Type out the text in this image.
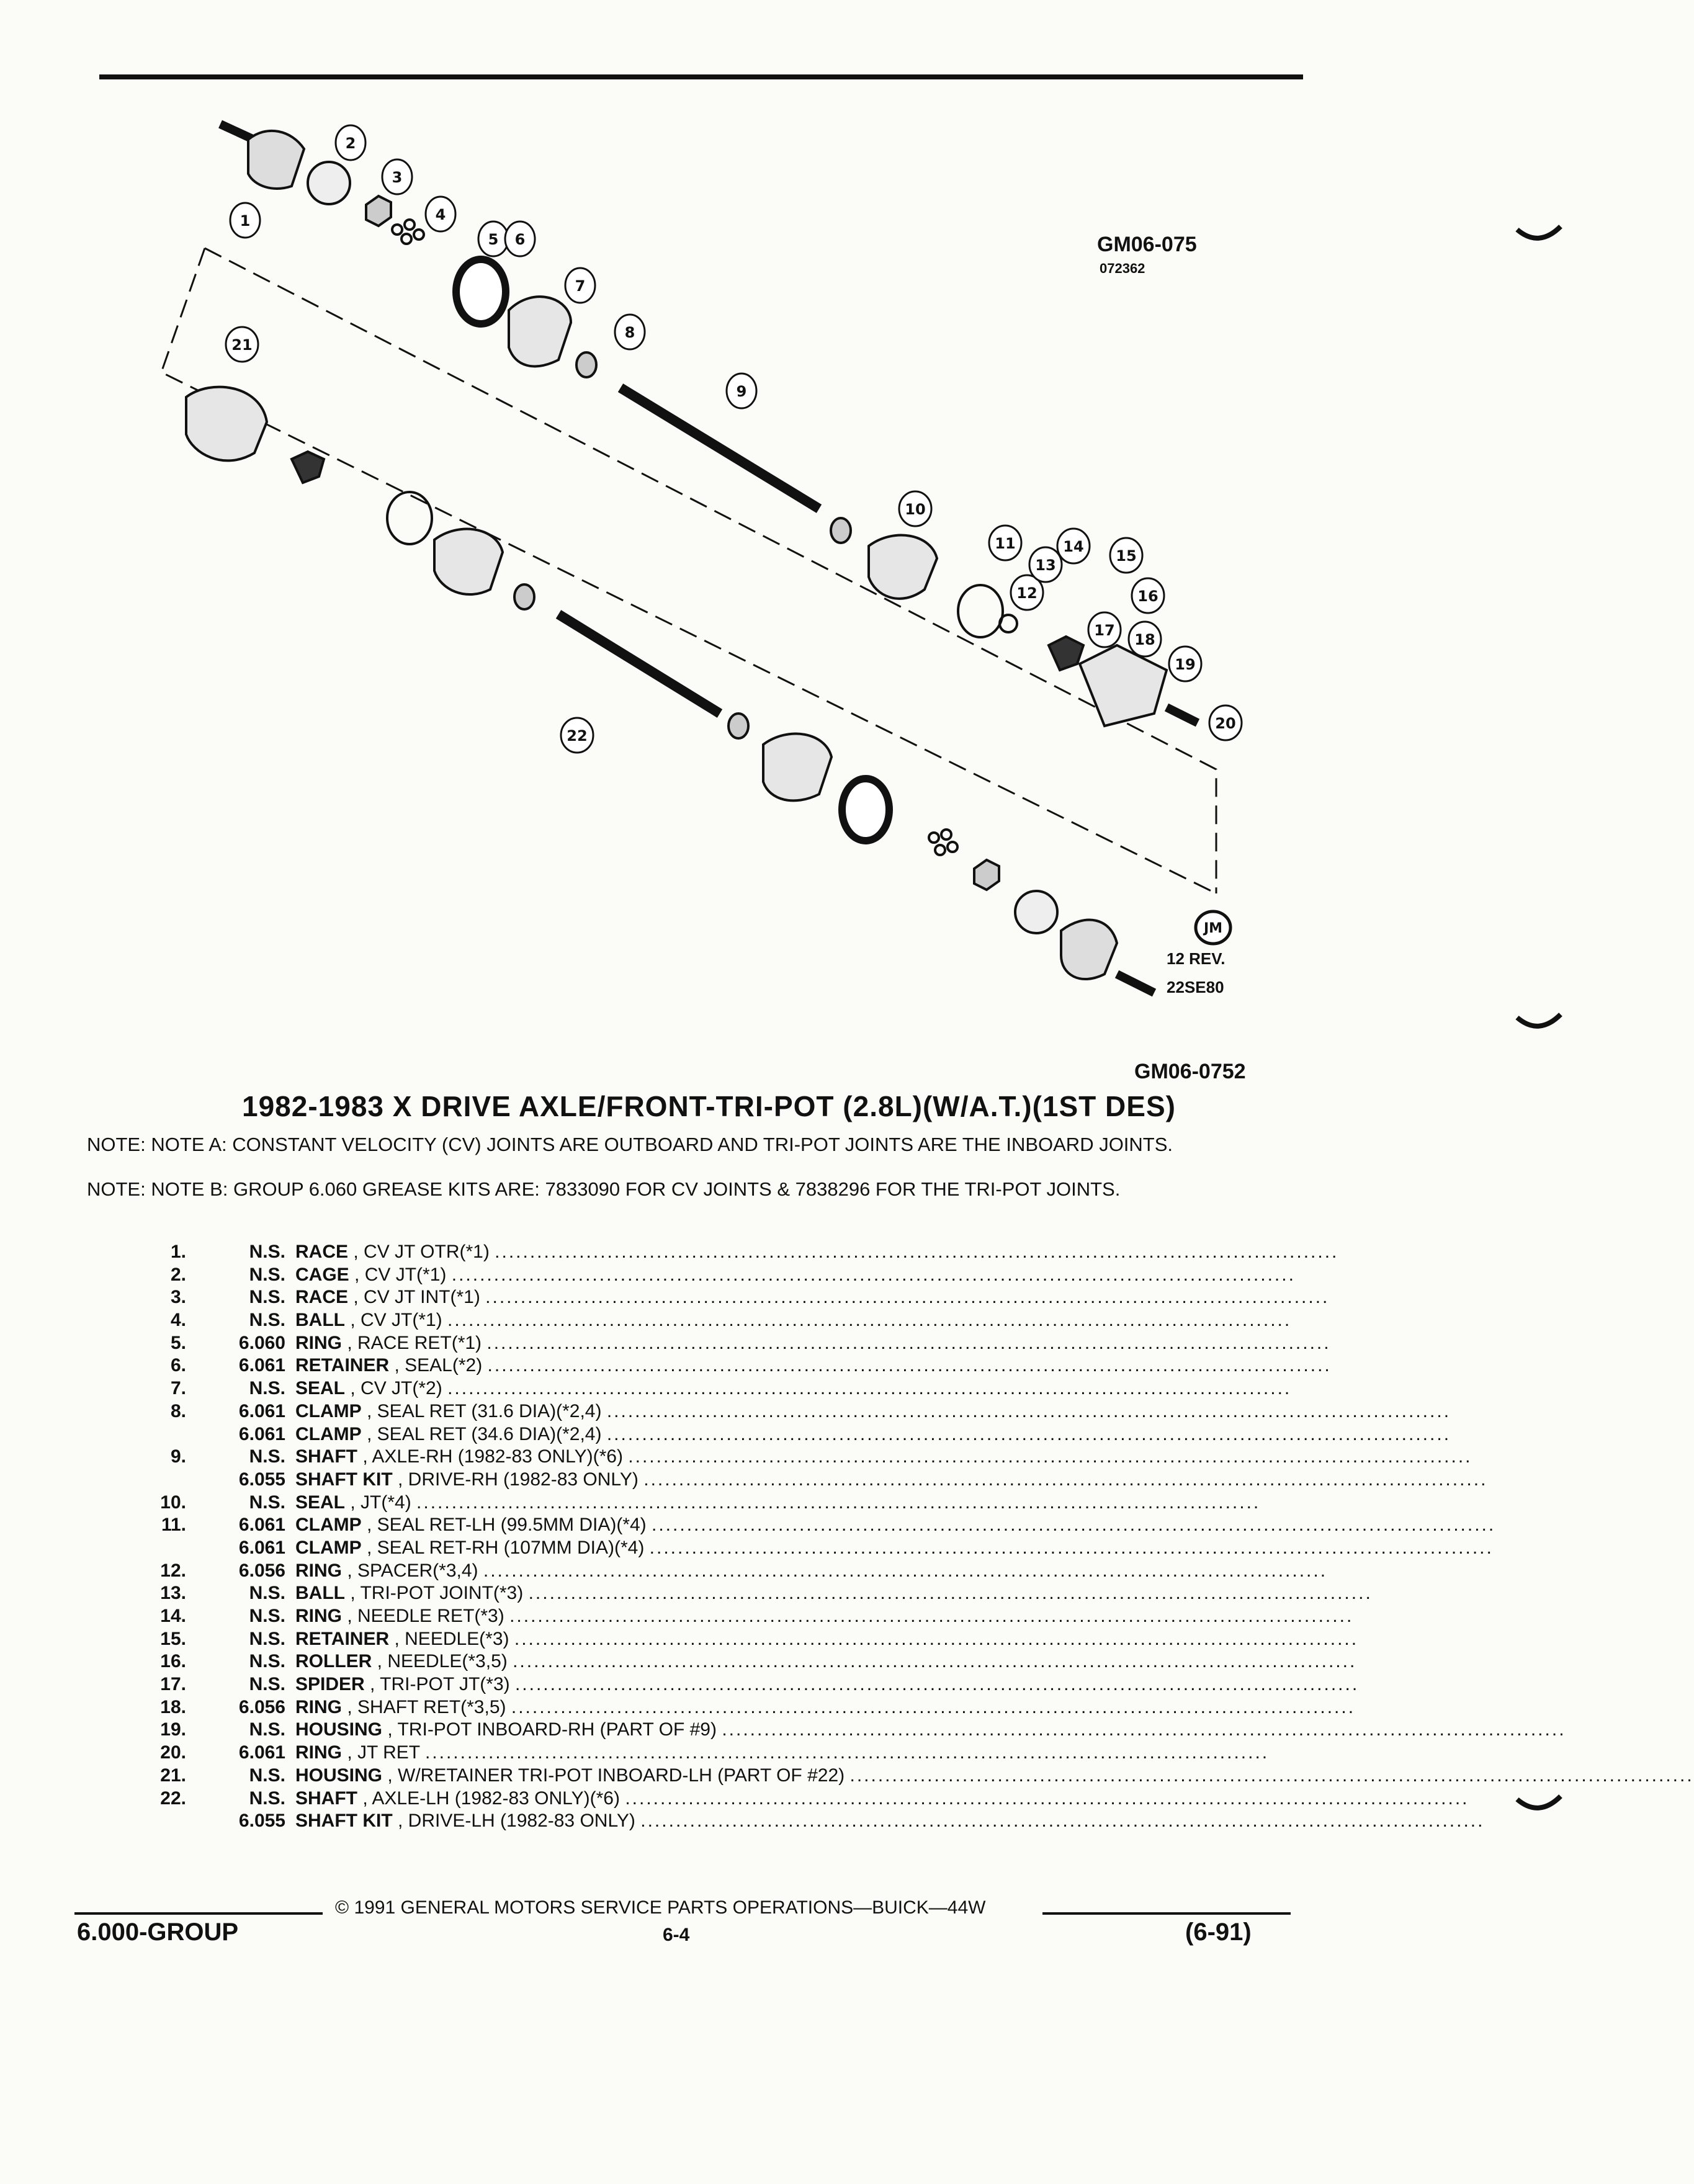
1
2
3
4
5 6
7
8
9
10
11
12
13
14
15
16
17
18
19
20
21
22
JM
GM06-075
072362
12 REV.
22SE80
GM06-0752
1982-1983 X DRIVE AXLE/FRONT-TRI-POT (2.8L)(W/A.T.)(1ST DES)
NOTE: NOTE A: CONSTANT VELOCITY (CV) JOINTS ARE OUTBOARD AND TRI-POT JOINTS ARE THE INBOARD JOINTS.
NOTE: NOTE B: GROUP 6.060 GREASE KITS ARE: 7833090 FOR CV JOINTS & 7838296 FOR THE TRI-POT JOINTS.
1.	N.S. RACE , CV JT OTR(*1) ........................................................................................................................
2.	N.S. CAGE , CV JT(*1) ........................................................................................................................
3.	N.S. RACE , CV JT INT(*1) ........................................................................................................................
4.	N.S. BALL , CV JT(*1) ........................................................................................................................
5.	6.060 RING , RACE RET(*1) ........................................................................................................................
6.	6.061 RETAINER , SEAL(*2) ........................................................................................................................
7.	N.S. SEAL , CV JT(*2) ........................................................................................................................
8.	6.061 CLAMP , SEAL RET (31.6 DIA)(*2,4) ........................................................................................................................
6.061 CLAMP , SEAL RET (34.6 DIA)(*2,4) ........................................................................................................................
9.	N.S. SHAFT , AXLE-RH (1982-83 ONLY)(*6) ........................................................................................................................
6.055 SHAFT KIT , DRIVE-RH (1982-83 ONLY) ........................................................................................................................
10.	N.S. SEAL , JT(*4) ........................................................................................................................
11.	6.061 CLAMP , SEAL RET-LH (99.5MM DIA)(*4) ........................................................................................................................
6.061 CLAMP , SEAL RET-RH (107MM DIA)(*4) ........................................................................................................................
12.	6.056 RING , SPACER(*3,4) ........................................................................................................................
13.	N.S. BALL , TRI-POT JOINT(*3) ........................................................................................................................
14.	N.S. RING , NEEDLE RET(*3) ........................................................................................................................
15.	N.S. RETAINER , NEEDLE(*3) ........................................................................................................................
16.	N.S. ROLLER , NEEDLE(*3,5) ........................................................................................................................
17.	N.S. SPIDER , TRI-POT JT(*3) ........................................................................................................................
18.	6.056 RING , SHAFT RET(*3,5) ........................................................................................................................
19.	N.S. HOUSING , TRI-POT INBOARD-RH (PART OF #9) ........................................................................................................................
20.	6.061 RING , JT RET ........................................................................................................................
21.	N.S. HOUSING , W/RETAINER TRI-POT INBOARD-LH (PART OF #22) ........................................................................................................................
22.	N.S. SHAFT , AXLE-LH (1982-83 ONLY)(*6) ........................................................................................................................
6.055 SHAFT KIT , DRIVE-LH (1982-83 ONLY) ........................................................................................................................
6.000-GROUP
© 1991 GENERAL MOTORS SERVICE PARTS OPERATIONS—BUICK—44W
6-4	(6-91)
